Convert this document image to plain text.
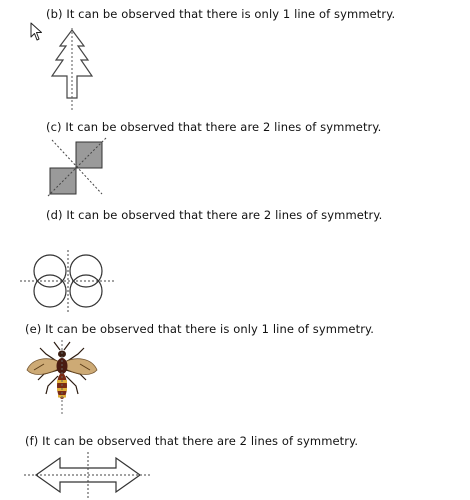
(b) It can be observed that there is only 1 line of symmetry.

(c) It can be observed that there are 2 lines of symmetry.

(d) It can be observed that there are 2 lines of symmetry.

(e) It can be observed that there is only 1 line of symmetry.

(f) It can be observed that there are 2 lines of symmetry.
